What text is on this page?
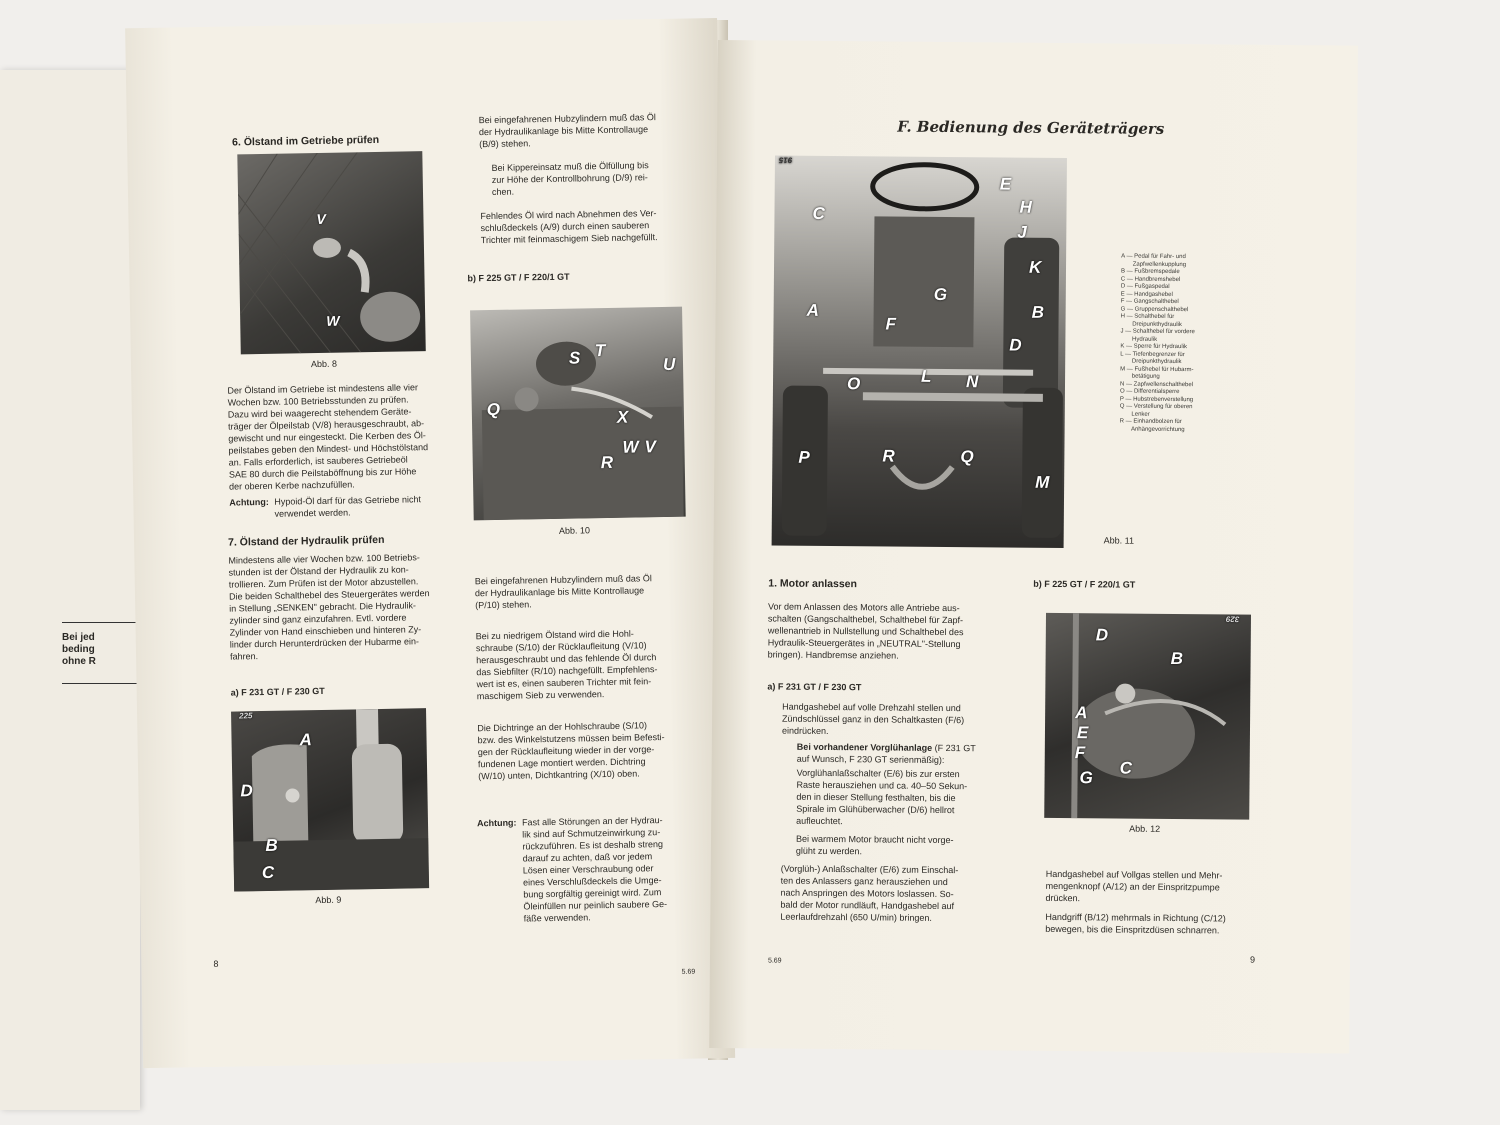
Bei jed
beding
ohne R
6. Ölstand im Getriebe prüfen
V
W
Abb. 8
Der Ölstand im Getriebe ist mindestens alle vier
Wochen bzw. 100 Betriebsstunden zu prüfen.
Dazu wird bei waagerecht stehendem Geräte-
träger der Ölpeilstab (V/8) herausgeschraubt, ab-
gewischt und nur eingesteckt. Die Kerben des Öl-
peilstabes geben den Mindest- und Höchstölstand
an. Falls erforderlich, ist sauberes Getriebeöl
SAE 80 durch die Peilstaböffnung bis zur Höhe
der oberen Kerbe nachzufüllen.
Achtung: Hypoid-Öl darf für das Getriebe nicht
verwendet werden.
7. Ölstand der Hydraulik prüfen
Mindestens alle vier Wochen bzw. 100 Betriebs-
stunden ist der Ölstand der Hydraulik zu kon-
trollieren. Zum Prüfen ist der Motor abzustellen.
Die beiden Schalthebel des Steuergerätes werden
in Stellung „SENKEN" gebracht. Die Hydraulik-
zylinder sind ganz einzufahren. Evtl. vordere
Zylinder von Hand einschieben und hinteren Zy-
linder durch Herunterdrücken der Hubarme ein-
fahren.
a) F 231 GT / F 230 GT
225
A
D
B
C
Abb. 9
8
Bei eingefahrenen Hubzylindern muß das Öl
der Hydraulikanlage bis Mitte Kontrollauge
(B/9) stehen.
Bei Kippereinsatz muß die Ölfüllung bis
zur Höhe der Kontrollbohrung (D/9) rei-
chen.
Fehlendes Öl wird nach Abnehmen des Ver-
schlußdeckels (A/9) durch einen sauberen
Trichter mit feinmaschigem Sieb nachgefüllt.
b) F 225 GT / F 220/1 GT
S T
U
Q	X
W V
R
Abb. 10
Bei eingefahrenen Hubzylindern muß das Öl
der Hydraulikanlage bis Mitte Kontrollauge
(P/10) stehen.
Bei zu niedrigem Ölstand wird die Hohl-
schraube (S/10) der Rücklaufleitung (V/10)
herausgeschraubt und das fehlende Öl durch
das Siebfilter (R/10) nachgefüllt. Empfehlens-
wert ist es, einen sauberen Trichter mit fein-
maschigem Sieb zu verwenden.
Die Dichtringe an der Hohlschraube (S/10)
bzw. des Winkelstutzens müssen beim Befesti-
gen der Rücklaufleitung wieder in der vorge-
fundenen Lage montiert werden. Dichtring
(W/10) unten, Dichtkantring (X/10) oben.
Achtung: Fast alle Störungen an der Hydrau-
lik sind auf Schmutzeinwirkung zu-
rückzuführen. Es ist deshalb streng
darauf zu achten, daß vor jedem
Lösen einer Verschraubung oder
eines Verschlußdeckels die Umge-
bung sorgfältig gereinigt wird. Zum
Öleinfüllen nur peinlich saubere Ge-
fäße verwenden.
5.69
F. Bedienung des Geräteträgers
915
E
C	H
J
K
G
A
F
B
D
O	L N
P	R	Q
M
Abb. 11
A — Pedal für Fahr- und
Zapfwellenkupplung
B — Fußbremspedale
C — Handbremshebel
D — Fußgaspedal
E — Handgashebel
F — Gangschalthebel
G — Gruppenschalthebel
H — Schalthebel für
Dreipunkthydraulik
J — Schalthebel für vordere
Hydraulik
K — Sperre für Hydraulik
L — Tiefenbegrenzer für
Dreipunkthydraulik
M — Fußhebel für Hubarm-
betätigung
N — Zapfwellenschalthebel
O — Differentialsperre
P — Hubstrebenverstellung
Q — Verstellung für oberen
Lenker
R — Einhandbolzen für
Anhängevorrichtung
1. Motor anlassen
Vor dem Anlassen des Motors alle Antriebe aus-
schalten (Gangschalthebel, Schalthebel für Zapf-
wellenantrieb in Nullstellung und Schalthebel des
Hydraulik-Steuergerätes in „NEUTRAL"-Stellung
bringen). Handbremse anziehen.
a) F 231 GT / F 230 GT
Handgashebel auf volle Drehzahl stellen und
Zündschlüssel ganz in den Schaltkasten (F/6)
eindrücken.
Bei vorhandener Vorglühanlage (F 231 GT
auf Wunsch, F 230 GT serienmäßig):
Vorglühanlaßschalter (E/6) bis zur ersten
Raste herausziehen und ca. 40–50 Sekun-
den in dieser Stellung festhalten, bis die
Spirale im Glühüberwacher (D/6) hellrot
aufleuchtet.
Bei warmem Motor braucht nicht vorge-
glüht zu werden.
(Vorglüh-) Anlaßschalter (E/6) zum Einschal-
ten des Anlassers ganz herausziehen und
nach Anspringen des Motors loslassen. So-
bald der Motor rundläuft, Handgashebel auf
Leerlaufdrehzahl (650 U/min) bringen.
5.69
b) F 225 GT / F 220/1 GT
329
D
B
A
E
F
G
C
Abb. 12
Handgashebel auf Vollgas stellen und Mehr-
mengenknopf (A/12) an der Einspritzpumpe
drücken.
Handgriff (B/12) mehrmals in Richtung (C/12)
bewegen, bis die Einspritzdüsen schnarren.
9
